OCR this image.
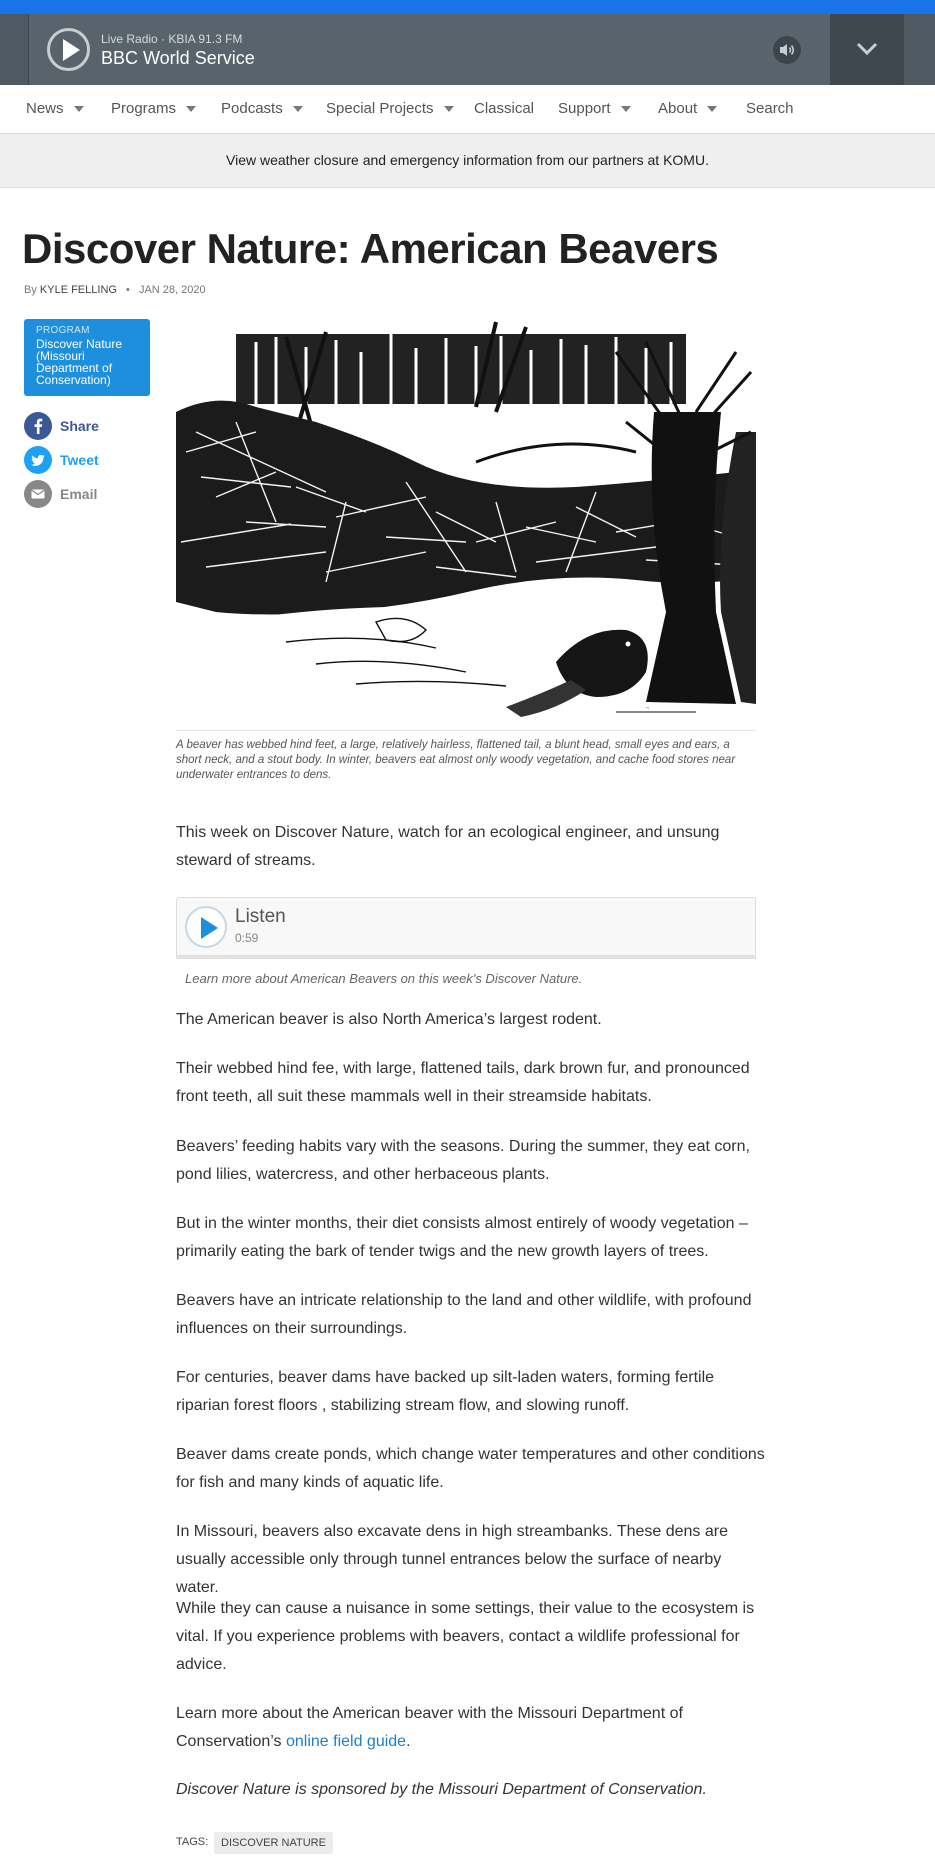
Live Radio · KBIA 91.3 FM
BBC World Service
News	Programs	Podcasts	Special Projects	Classical Support	About	Search
View weather closure and emergency information from our partners at KOMU.
Discover Nature: American Beavers
By KYLE FELLING • JAN 28, 2020
PROGRAM
Discover Nature (Missouri Department of Conservation)
Share
Tweet
Email
~
A beaver has webbed hind feet, a large, relatively hairless, flattened tail, a blunt head, small eyes and ears, a short neck, and a stout body. In winter, beavers eat almost only woody vegetation, and cache food stores near underwater entrances to dens.

This week on Discover Nature, watch for an ecological engineer, and unsung steward of streams.

Listen
0:59
Learn more about American Beavers on this week's Discover Nature.

The American beaver is also North America’s largest rodent.

Their webbed hind fee, with large, flattened tails, dark brown fur, and pronounced front teeth, all suit these mammals well in their streamside habitats.

Beavers’ feeding habits vary with the seasons. During the summer, they eat corn, pond lilies, watercress, and other herbaceous plants.

But in the winter months, their diet consists almost entirely of woody vegetation – primarily eating the bark of tender twigs and the new growth layers of trees.

Beavers have an intricate relationship to the land and other wildlife, with profound influences on their surroundings.

For centuries, beaver dams have backed up silt-laden waters, forming fertile riparian forest floors , stabilizing stream flow, and slowing runoff.

Beaver dams create ponds, which change water temperatures and other conditions for fish and many kinds of aquatic life.

In Missouri, beavers also excavate dens in high streambanks. These dens are usually accessible only through tunnel entrances below the surface of nearby water.

While they can cause a nuisance in some settings, their value to the ecosystem is vital. If you experience problems with beavers, contact a wildlife professional for advice.

Learn more about the American beaver with the Missouri Department of Conservation’s online field guide.

Discover Nature is sponsored by the Missouri Department of Conservation.

TAGS:	DISCOVER NATURE
